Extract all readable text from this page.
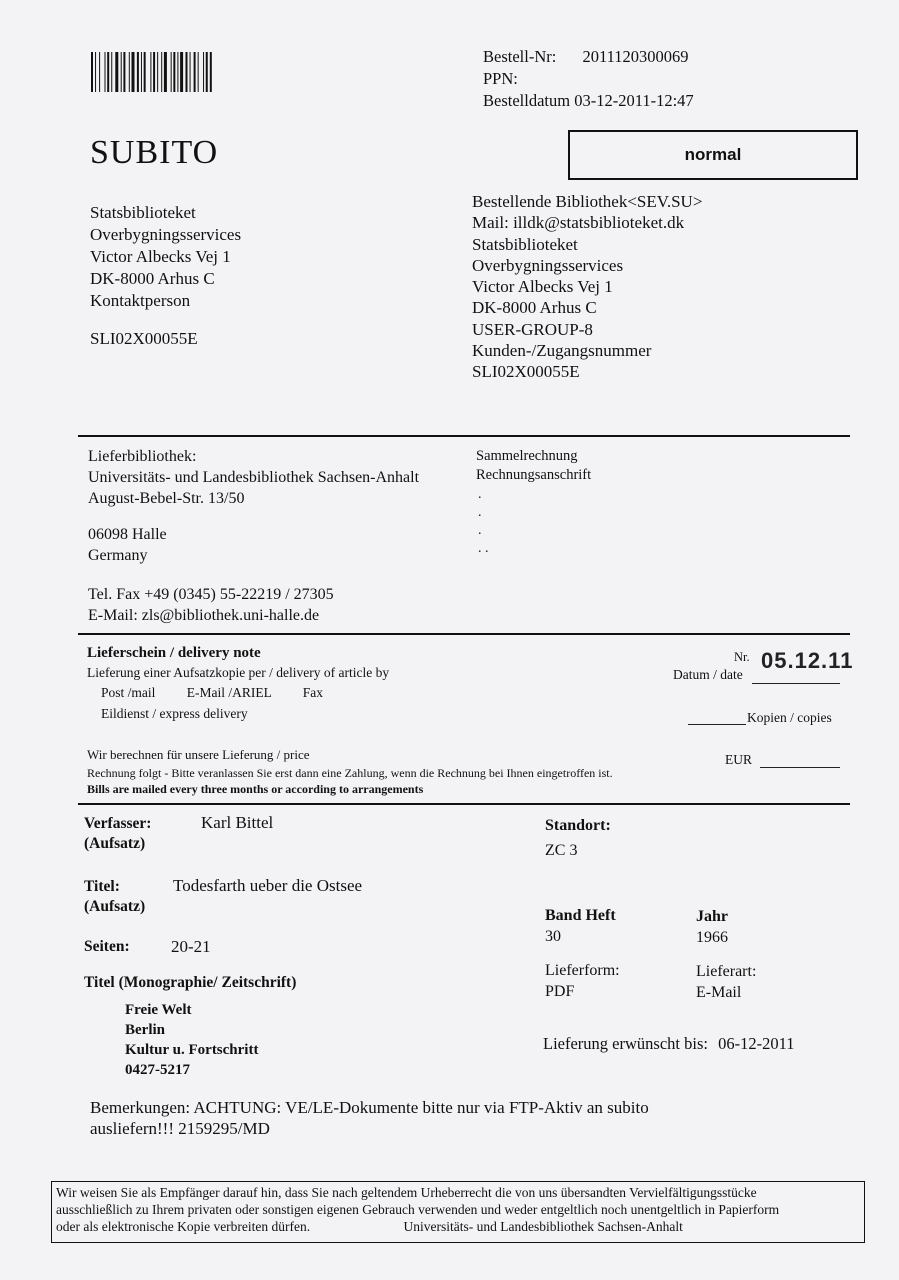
Bestell-Nr: 2011120300069
PPN:
Bestelldatum 03-12-2011-12:47
SUBITO	normal
Statsbiblioteket
Overbygningsservices
Victor Albecks Vej 1
DK-8000 Arhus C
Kontaktperson
SLI02X00055E
Bestellende Bibliothek<SEV.SU>
Mail: illdk@statsbiblioteket.dk
Statsbiblioteket
Overbygningsservices
Victor Albecks Vej 1
DK-8000 Arhus C
USER-GROUP-8
Kunden-/Zugangsnummer
SLI02X00055E
Lieferbibliothek:
Universitäts- und Landesbibliothek Sachsen-Anhalt
August-Bebel-Str. 13/50
06098 Halle
Germany
Tel. Fax +49 (0345) 55-22219 / 27305
E-Mail: zls@bibliothek.uni-halle.de
Sammelrechnung
Rechnungsanschrift
.
.
.
. .
Lieferschein / delivery note
Lieferung einer Aufsatzkopie per / delivery of article by
Post /mail E-Mail /ARIEL Fax
Eildienst / express delivery
Nr.
Datum / date
05.12.11
Kopien / copies
Wir berechnen für unsere Lieferung / price	EUR
Rechnung folgt - Bitte veranlassen Sie erst dann eine Zahlung, wenn die Rechnung bei Ihnen eingetroffen ist.
Bills are mailed every three months or according to arrangements
Verfasser:
(Aufsatz)
Karl Bittel
Titel:
(Aufsatz)
Todesfarth ueber die Ostsee
Seiten: 20-21
Titel (Monographie/ Zeitschrift)
Freie Welt
Berlin
Kultur u. Fortschritt
0427-5217
Standort:
ZC 3
Band Heft
30
Jahr
1966
Lieferform:
PDF
Lieferart:
E-Mail
Lieferung erwünscht bis: 06-12-2011
Bemerkungen: ACHTUNG: VE/LE-Dokumente bitte nur via FTP-Aktiv an subito
ausliefern!!! 2159295/MD
Wir weisen Sie als Empfänger darauf hin, dass Sie nach geltendem Urheberrecht die von uns übersandten Vervielfältigungsstücke
ausschließlich zu Ihrem privaten oder sonstigen eigenen Gebrauch verwenden und weder entgeltlich noch unentgeltlich in Papierform
oder als elektronische Kopie verbreiten dürfen.	Universitäts- und Landesbibliothek Sachsen-Anhalt
